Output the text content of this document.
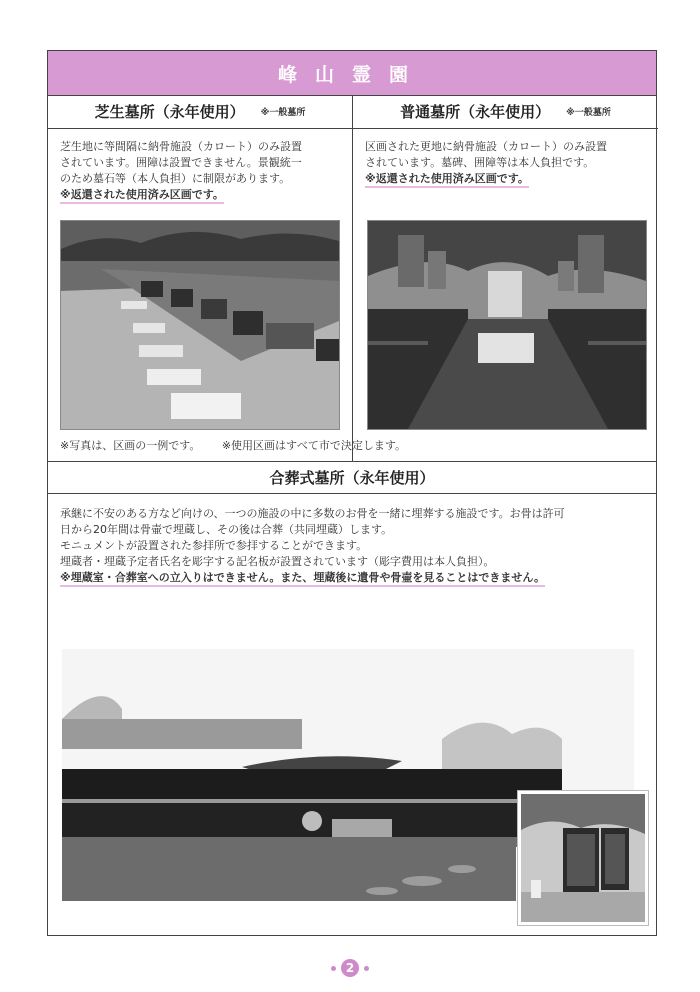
峰山霊園
芝生墓所（永年使用） ※一般墓所
芝生地に等間隔に納骨施設（カロート）のみ設置
されています。囲障は設置できません。景観統一
のため墓石等（本人負担）に制限があります。
※返還された使用済み区画です。
普通墓所（永年使用） ※一般墓所
区画された更地に納骨施設（カロート）のみ設置
されています。墓碑、囲障等は本人負担です。
※返還された使用済み区画です。
※写真は、区画の一例です。 ※使用区画はすべて市で決定します。
合葬式墓所（永年使用）
承継に不安のある方など向けの、一つの施設の中に多数のお骨を一緒に埋葬する施設です。お骨は許可
日から20年間は骨壷で埋蔵し、その後は合葬（共同埋蔵）します。
モニュメントが設置された参拝所で参拝することができます。
埋蔵者・埋蔵予定者氏名を彫字する記名板が設置されています（彫字費用は本人負担）。
※埋蔵室・合葬室への立入りはできません。また、埋蔵後に遺骨や骨壷を見ることはできません。
2
